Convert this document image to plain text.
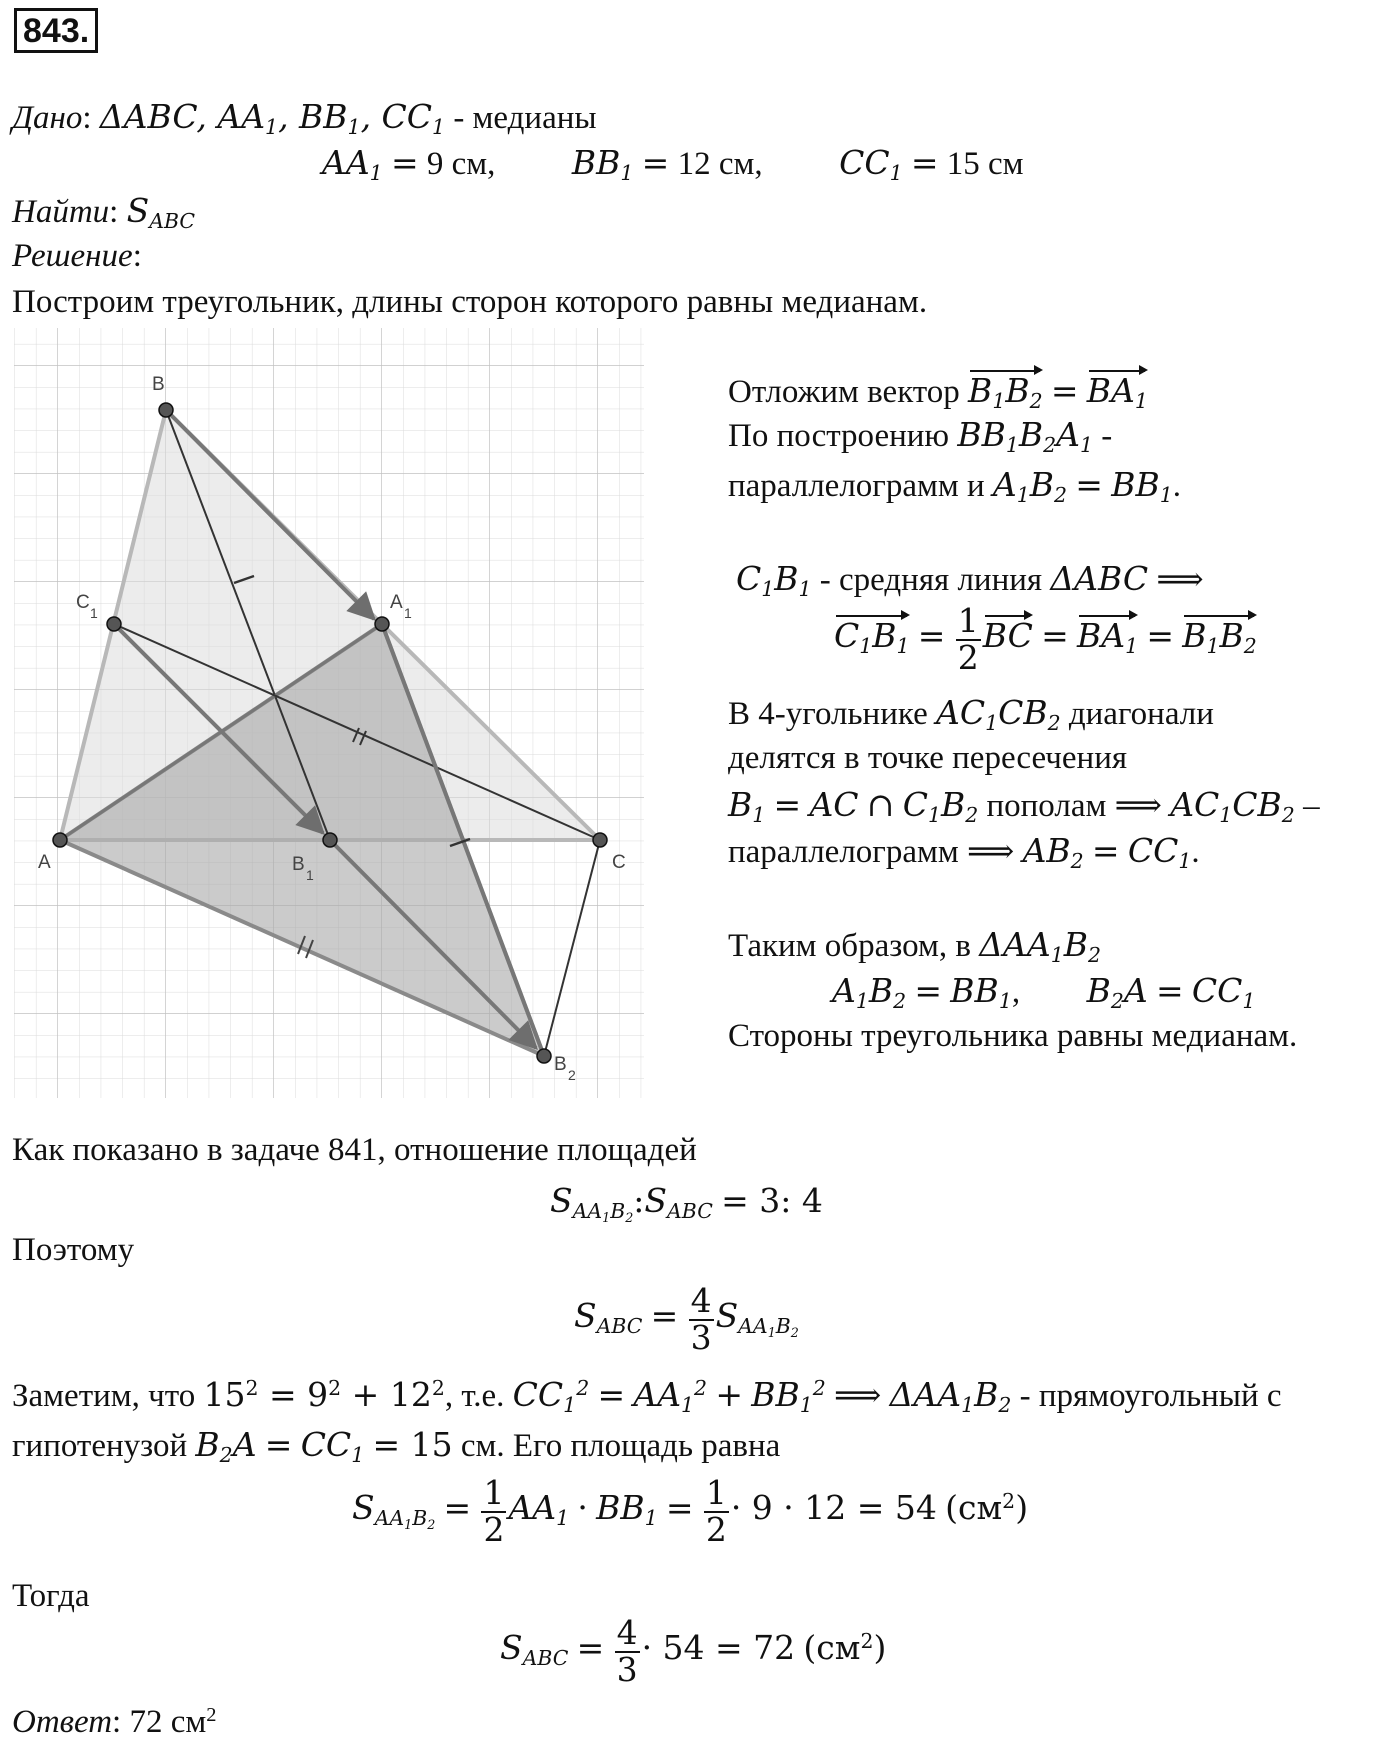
843.
Дано: ΔABC, $AA_1$, $BB_1$, $CC_1$ - медианы
$AA_1 = 9$ см, $BB_1 = 12$ см, $CC_1 = 15$ см
Найти: $S_{ABC}$
Решение:
Построим треугольник, длины сторон которого равны медианам.
B
A	C
A 1
C 1
B 1
B 2
Отложим вектор $B_1B_2 = BA_1$
По построению $BB_1B_2A_1$ -
параллелограмм и $A_1B_2 = BB_1$.
$C_1B_1$ - средняя линия ΔABC ⟹
$C_1B_1 = \frac{1}{2}$ BC = $BA_1 = B_1B_2$
В 4-угольнике $AC_1CB_2$ диагонали
делятся в точке пересечения
$B_1$ = AC ∩ $C_1B_2$ пополам ⟹ $AC_1CB_2$ –
параллелограмм ⟹ $AB_2 = CC_1$.
Таким образом, в $\Delta AA_1B_2$
$A_1B_2 = BB_1$,  $B_2A = CC_1$
Стороны треугольника равны медианам.
Как показано в задаче 841, отношение площадей
$S_{AA_1B_2}:S_{ABC} = 3$: 4
Поэтому
$S_{ABC} = \frac{4}{3} S_{AA_1B_2}$
Заметим, что $15^2 = 9^2 + 12^2$, т.е. $CC_1^2 = AA_1^2 + BB_1^2$ ⟹ $\Delta AA_1B_2$ - прямоугольный с
гипотенузой $B_2A = CC_1 = 15$ см. Его площадь равна
$S_{AA_1B_2} = \frac{1}{2} AA_1 \cdot BB_1 = \frac{1}{2} \cdot 9 \cdot 12 = 54$ $(см^2)$
Тогда
$S_{ABC} = \frac{4}{3} \cdot 54 = 72$ $(см^2)$
Ответ: 72 $см^2$
